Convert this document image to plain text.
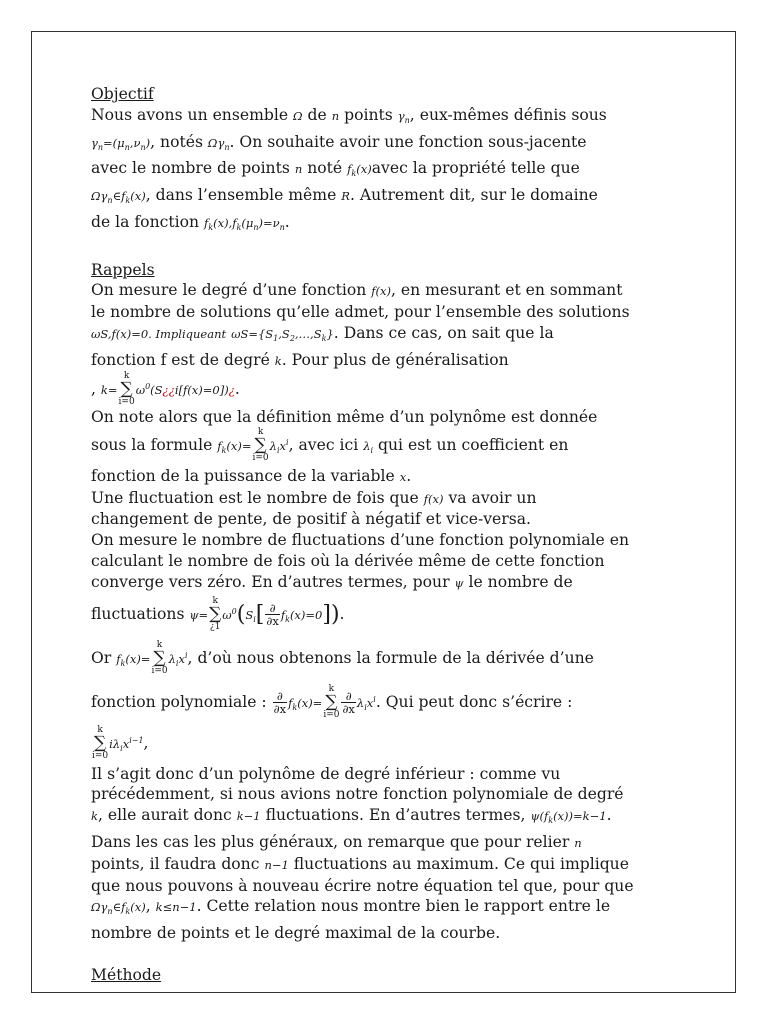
Objectif
Nous avons un ensemble Ω de n points $\gamma_n$, eux-mêmes définis sous
$\gamma_n=(\mu_n,\nu_n)$, notés $\Omega\gamma_n$. On souhaite avoir une fonction sous-jacente
avec le nombre de points n noté $f_k(x)avec$ la propriété telle que
$\Omega\gamma_n\in f_k(x)$, dans l’ensemble même R. Autrement dit, sur le domaine
de la fonction $f_k(x),f_k(\mu_n)=\nu_n$.
Rappels
On mesure le degré d’une fonction f(x), en mesurant et en sommant
le nombre de solutions qu’elle admet, pour l’ensemble des solutions
ωS,f(x)=0. Impliqueant $\omega S=\{S_1,S_2,\dots,S_k\}$. Dans ce cas, on sait que la
fonction f est de degré k. Pour plus de généralisation
, k=k
∑
$i=0\omega^0(S¿¿i[f(x)=0])¿$.
On note alors que la définition même d’un polynôme est donnée
sous la formule $f_k(x)=k$
∑
$i=0\lambda_ix^i$, avec ici $\lambda_i$ qui est un coefficient en
fonction de la puissance de la variable x.
Une fluctuation est le nombre de fois que f(x) va avoir un
changement de pente, de positif à négatif et vice-versa.
On mesure le nombre de fluctuations d’une fonction polynomiale en
calculant le nombre de fois où la dérivée même de cette fonction
converge vers zéro. En d’autres termes, pour ψ le nombre de
fluctuations ψ=k
∑
¿$1\omega^0(S_i[ \frac{\partial}{\partial x} f_k(x)=0])$.
Or $f_k(x)=k$
∑
$i=0\lambda_ix^i$, d’où nous obtenons la formule de la dérivée d’une
fonction polynomiale : $\frac{\partial}{\partial x} f_k(x)=k$
∑
$i=0 \frac{\partial}{\partial x} \lambda_ix^i$. Qui peut donc s’écrire :
k
∑
$i=0i\lambda_ix^{i-1}$,
Il s’agit donc d’un polynôme de degré inférieur : comme vu
précédemment, si nous avions notre fonction polynomiale de degré
k, elle aurait donc k−1 fluctuations. En d’autres termes, $\psi(f_k(x))=k-1$.
Dans les cas les plus généraux, on remarque que pour relier n
points, il faudra donc n−1 fluctuations au maximum. Ce qui implique
que nous pouvons à nouveau écrire notre équation tel que, pour que
$\Omega\gamma_n\in f_k(x)$, k≤n−1. Cette relation nous montre bien le rapport entre le
nombre de points et le degré maximal de la courbe.
Méthode
